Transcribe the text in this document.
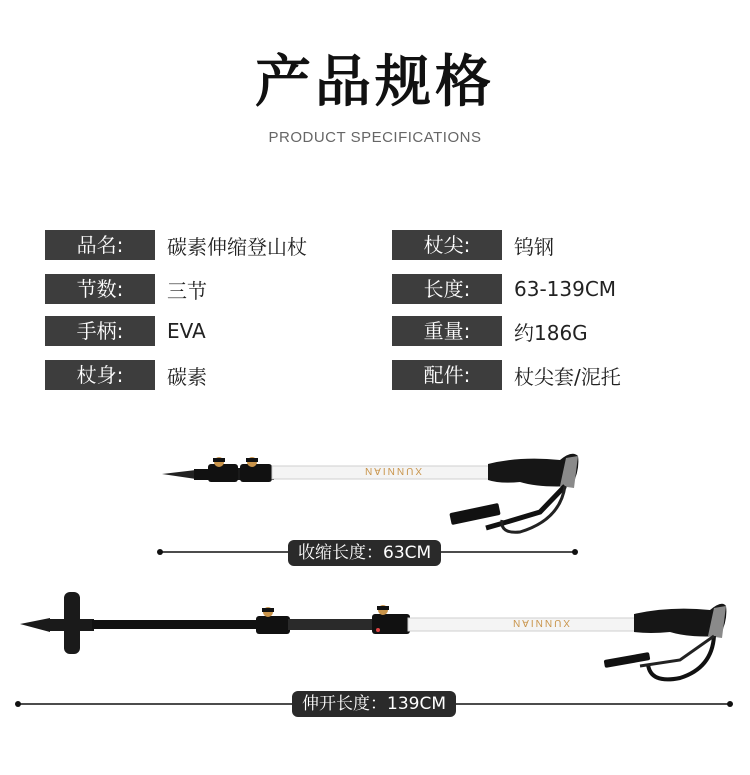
产品规格
PRODUCT SPECIFICATIONS
品名:	碳素伸缩登山杖
节数:	三节
手柄:	EVA
杖身:	碳素
杖尖:	钨钢
长度:	63-139CM
重量:	约186G
配件:	杖尖套/泥托
XUNNIAN
XUNNIAN
收缩长度：63CM
伸开长度：139CM
